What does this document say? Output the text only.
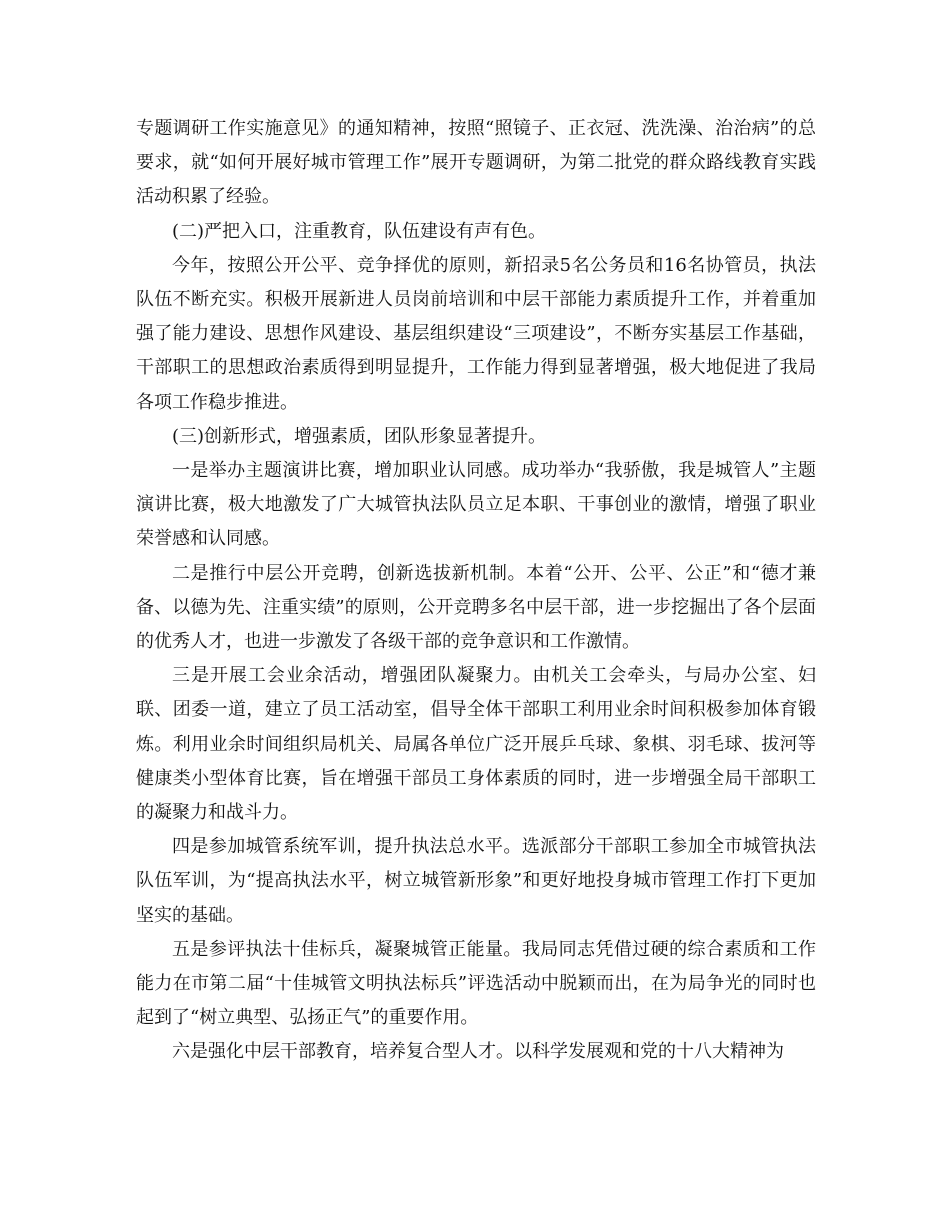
专题调研工作实施意见》的通知精神，按照“照镜子、正衣冠、洗洗澡、治治病”的总要求，就“如何开展好城市管理工作”展开专题调研，为第二批党的群众路线教育实践活动积累了经验。

(二)严把入口，注重教育，队伍建设有声有色。

今年，按照公开公平、竞争择优的原则，新招录5名公务员和16名协管员，执法队伍不断充实。积极开展新进人员岗前培训和中层干部能力素质提升工作，并着重加强了能力建设、思想作风建设、基层组织建设“三项建设”，不断夯实基层工作基础，干部职工的思想政治素质得到明显提升，工作能力得到显著增强，极大地促进了我局各项工作稳步推进。

(三)创新形式，增强素质，团队形象显著提升。

一是举办主题演讲比赛，增加职业认同感。成功举办“我骄傲，我是城管人”主题演讲比赛，极大地激发了广大城管执法队员立足本职、干事创业的激情，增强了职业荣誉感和认同感。

二是推行中层公开竞聘，创新选拔新机制。本着“公开、公平、公正”和“德才兼备、以德为先、注重实绩”的原则，公开竞聘多名中层干部，进一步挖掘出了各个层面的优秀人才，也进一步激发了各级干部的竞争意识和工作激情。

三是开展工会业余活动，增强团队凝聚力。由机关工会牵头，与局办公室、妇联、团委一道，建立了员工活动室，倡导全体干部职工利用业余时间积极参加体育锻炼。利用业余时间组织局机关、局属各单位广泛开展乒乓球、象棋、羽毛球、拔河等健康类小型体育比赛，旨在增强干部员工身体素质的同时，进一步增强全局干部职工的凝聚力和战斗力。

四是参加城管系统军训，提升执法总水平。选派部分干部职工参加全市城管执法队伍军训，为“提高执法水平，树立城管新形象”和更好地投身城市管理工作打下更加坚实的基础。

五是参评执法十佳标兵，凝聚城管正能量。我局同志凭借过硬的综合素质和工作能力在市第二届“十佳城管文明执法标兵”评选活动中脱颖而出，在为局争光的同时也起到了“树立典型、弘扬正气”的重要作用。

六是强化中层干部教育，培养复合型人才。以科学发展观和党的十八大精神为
